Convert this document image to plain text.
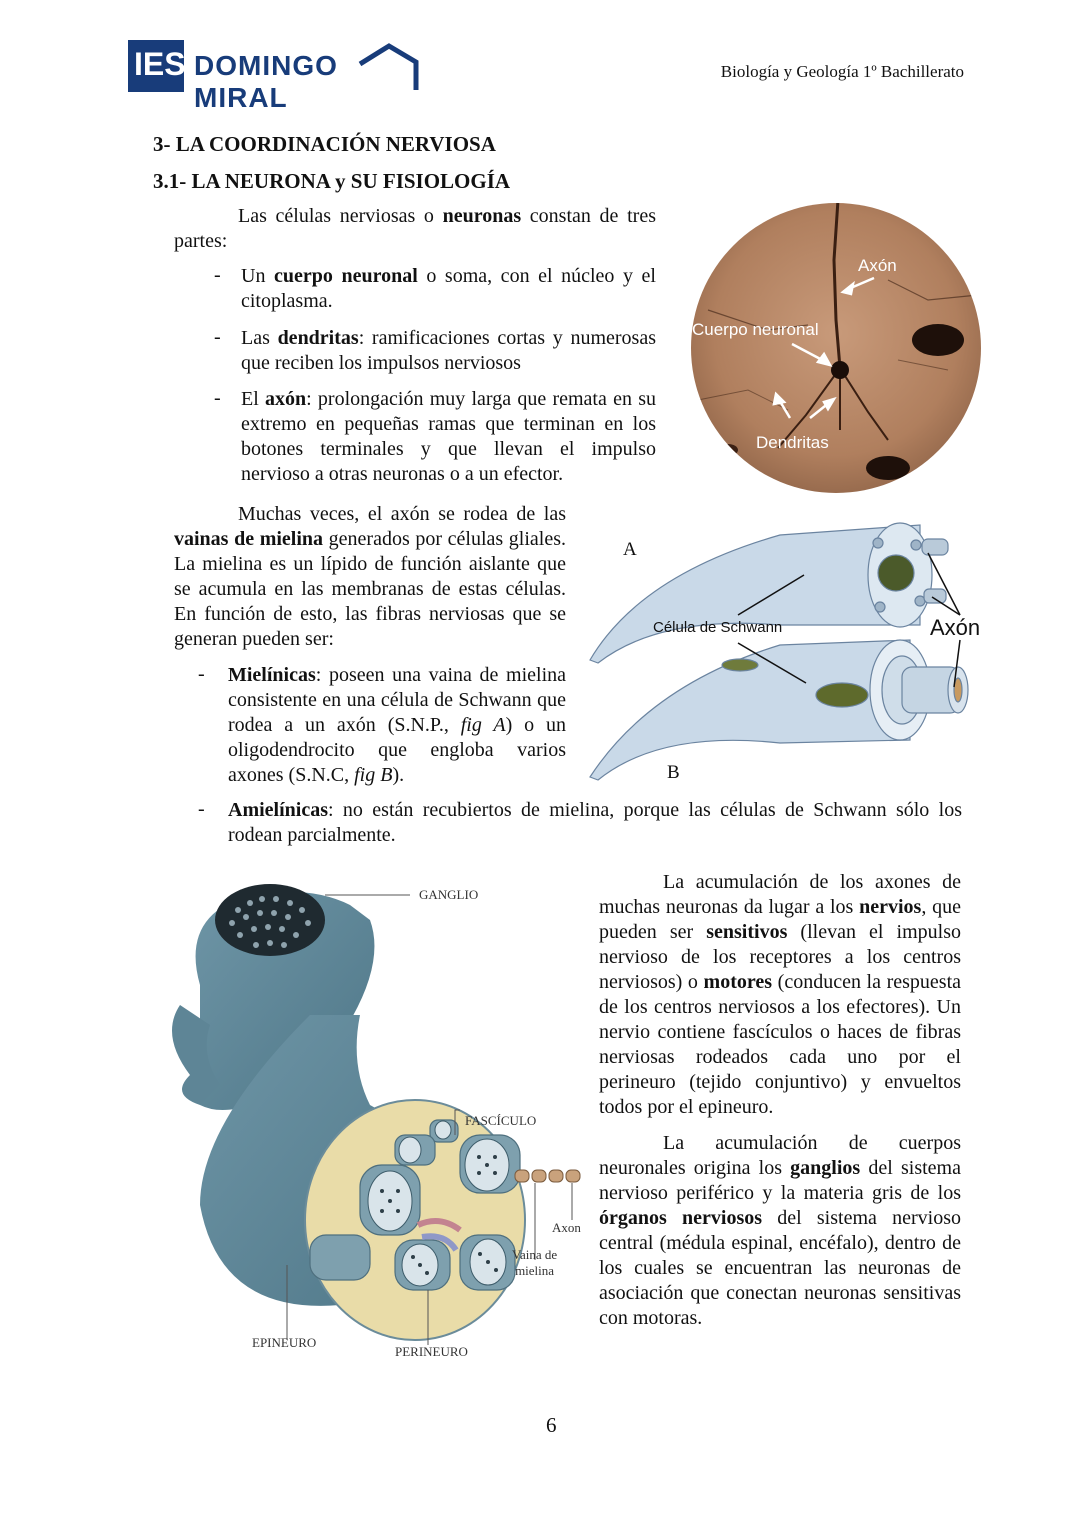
IES DOMINGO MIRAL
Biología y Geología 1º Bachillerato
3- LA COORDINACIÓN NERVIOSA
3.1- LA NEURONA y SU FISIOLOGÍA
Las células nerviosas o neuronas constan de tres partes:
- Un cuerpo neuronal o soma, con el núcleo y el citoplasma.
- Las dendritas: ramificaciones cortas y numerosas que reciben los impulsos nerviosos
- El axón: prolongación muy larga que remata en su extremo en pequeñas ramas que terminan en los botones terminales y que llevan el impulso nervioso a otras neuronas o a un efector.
Axón
Cuerpo neuronal
Dendritas
Muchas veces, el axón se rodea de las vainas de mielina generados por células gliales. La mielina es un lípido de función aislante que se acumula en las membranas de estas células. En función de esto, las fibras nerviosas que se generan pueden ser:
- Mielínicas: poseen una vaina de mielina consistente en una célula de Schwann que rodea a un axón (S.N.P., fig A) o un oligodendrocito que engloba varios axones (S.N.C, fig B).
- Amielínicas: no están recubiertos de mielina, porque las células de Schwann sólo los rodean parcialmente.
A
B
Célula de Schwann	Axón
GANGLIO
FASCÍCULO
Axon
Vaina de
mielina
EPINEURO
PERINEURO
La acumulación de los axones de muchas neuronas da lugar a los nervios, que pueden ser sensitivos (llevan el impulso nervioso de los receptores a los centros nerviosos) o motores (conducen la respuesta de los centros nerviosos a los efectores). Un nervio contiene fascículos o haces de fibras nerviosas rodeados cada uno por el perineuro (tejido conjuntivo) y envueltos todos por el epineuro.
La acumulación de cuerpos neuronales origina los ganglios del sistema nervioso periférico y la materia gris de los órganos nerviosos del sistema nervioso central (médula espinal, encéfalo), dentro de los cuales se encuentran las neuronas de asociación que conectan neuronas sensitivas con motoras.
6
